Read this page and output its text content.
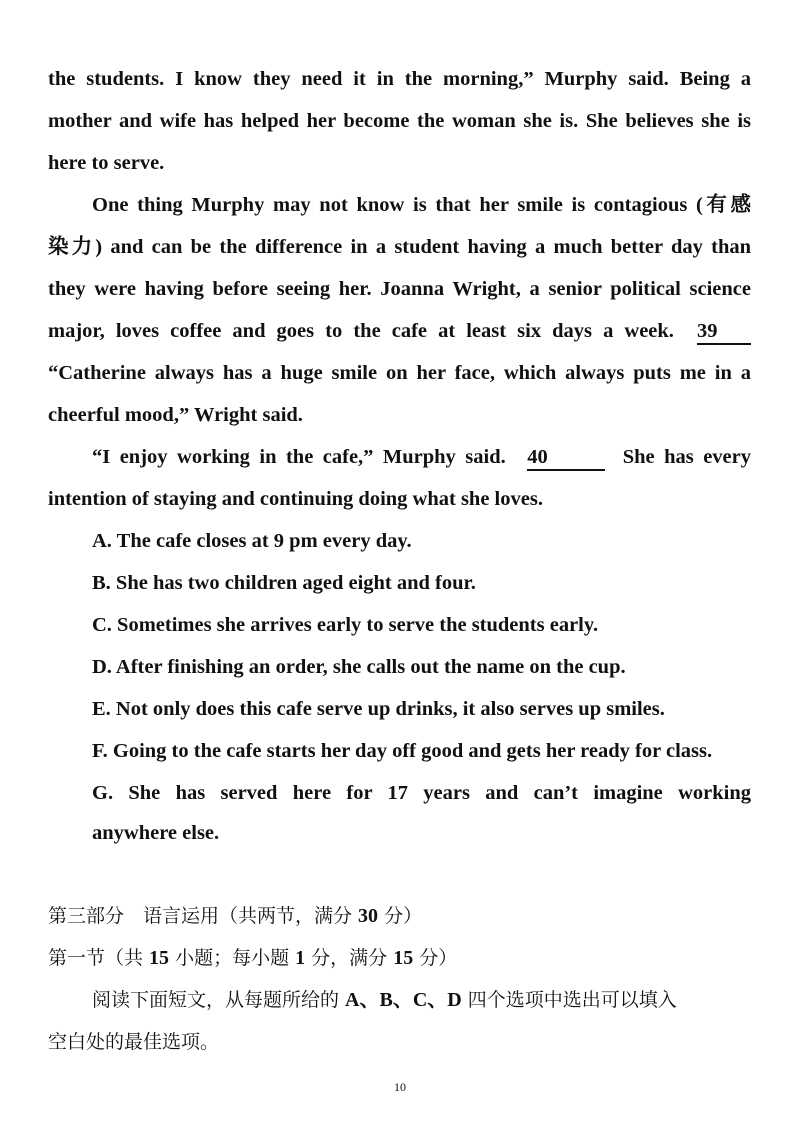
the students. I know they need it in the morning,” Murphy said. Being a
mother and wife has helped her become the woman she is. She believes she is
here to serve.
One thing Murphy may not know is that her smile is contagious (有感
染力) and can be the difference in a student having a much better day than
they were having before seeing her. Joanna Wright, a senior political science
major, loves coffee and goes to the cafe at least six days a week. 39
“Catherine always has a huge smile on her face, which always puts me in a
cheerful mood,” Wright said.
“I enjoy working in the cafe,” Murphy said. 40	She has every
intention of staying and continuing doing what she loves.
A. The cafe closes at 9 pm every day.
B. She has two children aged eight and four.
C. Sometimes she arrives early to serve the students early.
D. After finishing an order, she calls out the name on the cup.
E. Not only does this cafe serve up drinks, it also serves up smiles.
F. Going to the cafe starts her day off good and gets her ready for class.
G. She has served here for 17 years and can’t imagine working
anywhere else.
第三部分　语言运用（共两节，满分 30 分）
第一节（共 15 小题；每小题 1 分，满分 15 分）
阅读下面短文，从每题所给的 A、B、C、D 四个选项中选出可以填入
空白处的最佳选项。
10
